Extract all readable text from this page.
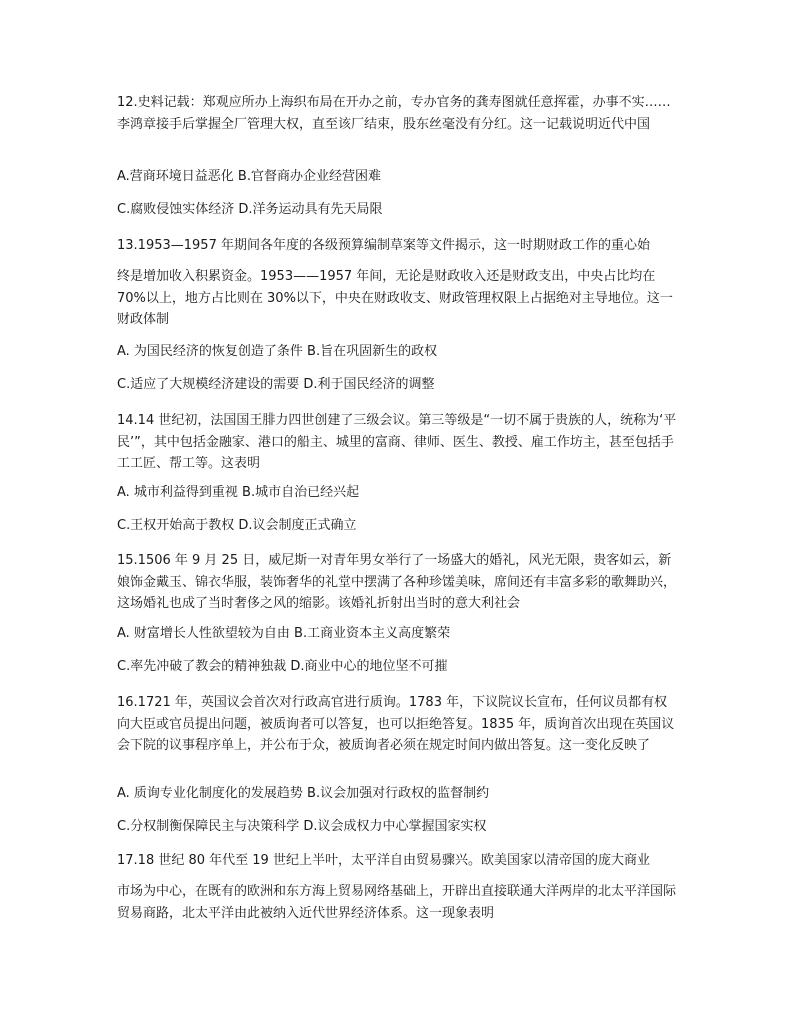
12.史料记载：郑观应所办上海织布局在开办之前，专办官务的龚寿图就任意挥霍，办事不实……李鸿章接手后掌握全厂管理大权，直至该厂结束，股东丝毫没有分红。这一记载说明近代中国

A.营商环境日益恶化 B.官督商办企业经营困难
C.腐败侵蚀实体经济 D.洋务运动具有先天局限

13.1953—1957 年期间各年度的各级预算编制草案等文件揭示，这一时期财政工作的重心始

终是增加收入积累资金。1953——1957 年间，无论是财政收入还是财政支出，中央占比均在 70%以上，地方占比则在 30%以下，中央在财政收支、财政管理权限上占据绝对主导地位。这一财政体制

A. 为国民经济的恢复创造了条件 B.旨在巩固新生的政权
C.适应了大规模经济建设的需要 D.利于国民经济的调整

14.14 世纪初，法国国王腓力四世创建了三级会议。第三等级是“一切不属于贵族的人，统称为‘平民’”，其中包括金融家、港口的船主、城里的富商、律师、医生、教授、雇工作坊主，甚至包括手工工匠、帮工等。这表明

A. 城市利益得到重视 B.城市自治已经兴起
C.王权开始高于教权 D.议会制度正式确立

15.1506 年 9 月 25 日，威尼斯一对青年男女举行了一场盛大的婚礼，风光无限，贵客如云，新娘饰金戴玉、锦衣华服，装饰奢华的礼堂中摆满了各种珍馐美味，席间还有丰富多彩的歌舞助兴，这场婚礼也成了当时奢侈之风的缩影。该婚礼折射出当时的意大利社会

A. 财富增长人性欲望较为自由 B.工商业资本主义高度繁荣
C.率先冲破了教会的精神独裁 D.商业中心的地位坚不可摧

16.1721 年，英国议会首次对行政高官进行质询。1783 年，下议院议长宣布，任何议员都有权向大臣或官员提出问题，被质询者可以答复，也可以拒绝答复。1835 年，质询首次出现在英国议会下院的议事程序单上，并公布于众，被质询者必须在规定时间内做出答复。这一变化反映了

A. 质询专业化制度化的发展趋势 B.议会加强对行政权的监督制约
C.分权制衡保障民主与决策科学 D.议会成权力中心掌握国家实权

17.18 世纪 80 年代至 19 世纪上半叶，太平洋自由贸易骤兴。欧美国家以清帝国的庞大商业

市场为中心，在既有的欧洲和东方海上贸易网络基础上，开辟出直接联通大洋两岸的北太平洋国际贸易商路，北太平洋由此被纳入近代世界经济体系。这一现象表明
